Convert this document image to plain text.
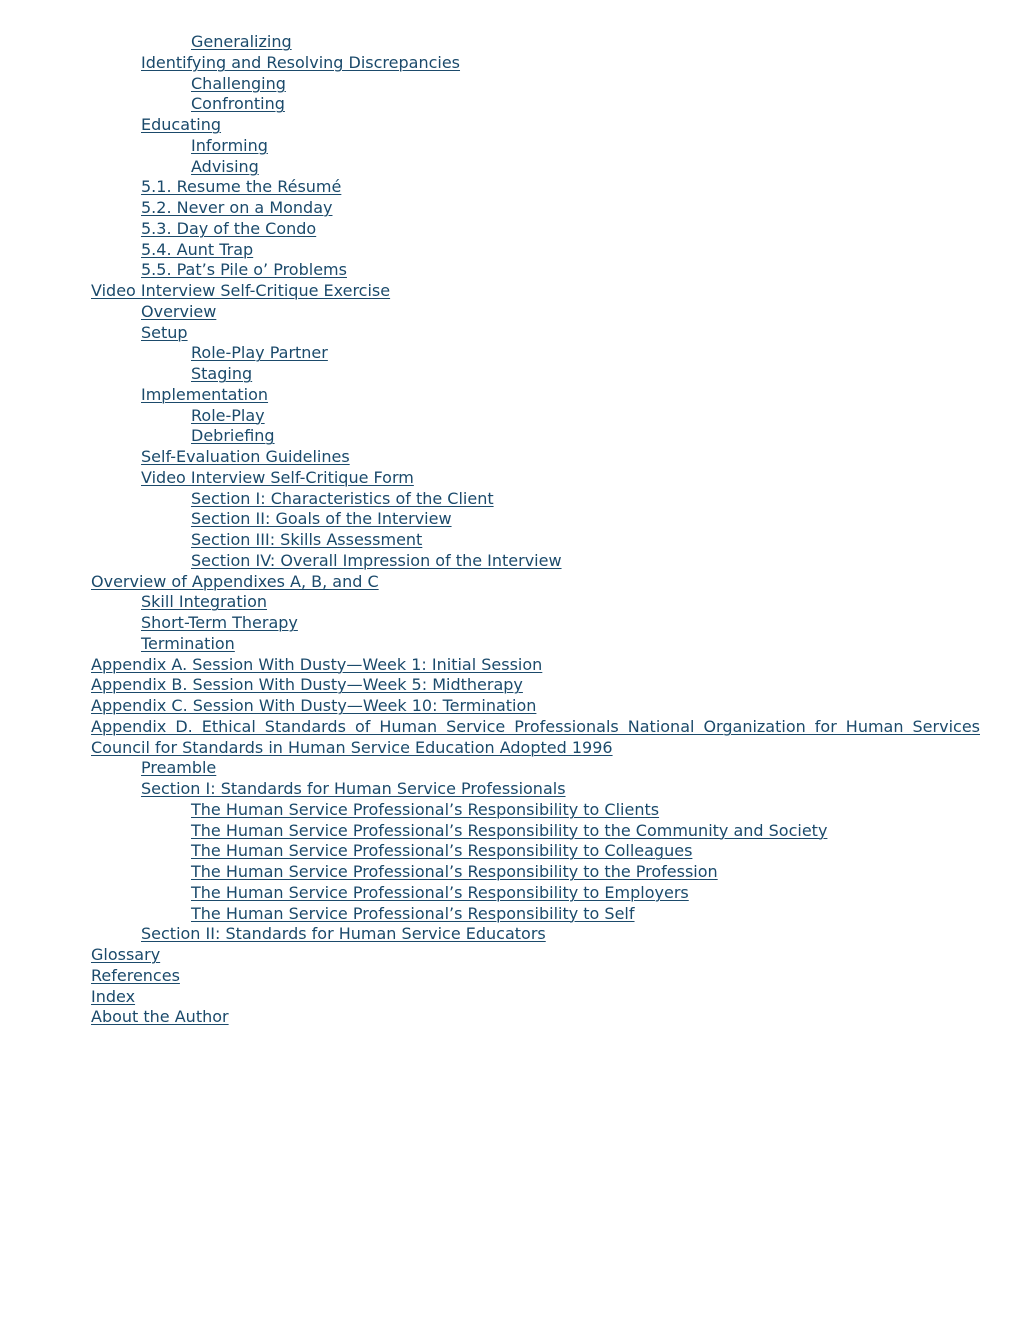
Generalizing
Identifying and Resolving Discrepancies
Challenging
Confronting
Educating
Informing
Advising
5.1. Resume the Résumé
5.2. Never on a Monday
5.3. Day of the Condo
5.4. Aunt Trap
5.5. Pat’s Pile o’ Problems
Video Interview Self-Critique Exercise
Overview
Setup
Role-Play Partner
Staging
Implementation
Role-Play
Debriefing
Self-Evaluation Guidelines
Video Interview Self-Critique Form
Section I: Characteristics of the Client
Section II: Goals of the Interview
Section III: Skills Assessment
Section IV: Overall Impression of the Interview
Overview of Appendixes A, B, and C
Skill Integration
Short-Term Therapy
Termination
Appendix A. Session With Dusty—Week 1: Initial Session
Appendix B. Session With Dusty—Week 5: Midtherapy
Appendix C. Session With Dusty—Week 10: Termination
Appendix D. Ethical Standards of Human Service Professionals National Organization for Human Services Council for Standards in Human Service Education Adopted 1996
Preamble
Section I: Standards for Human Service Professionals
The Human Service Professional’s Responsibility to Clients
The Human Service Professional’s Responsibility to the Community and Society
The Human Service Professional’s Responsibility to Colleagues
The Human Service Professional’s Responsibility to the Profession
The Human Service Professional’s Responsibility to Employers
The Human Service Professional’s Responsibility to Self
Section II: Standards for Human Service Educators
Glossary
References
Index
About the Author
